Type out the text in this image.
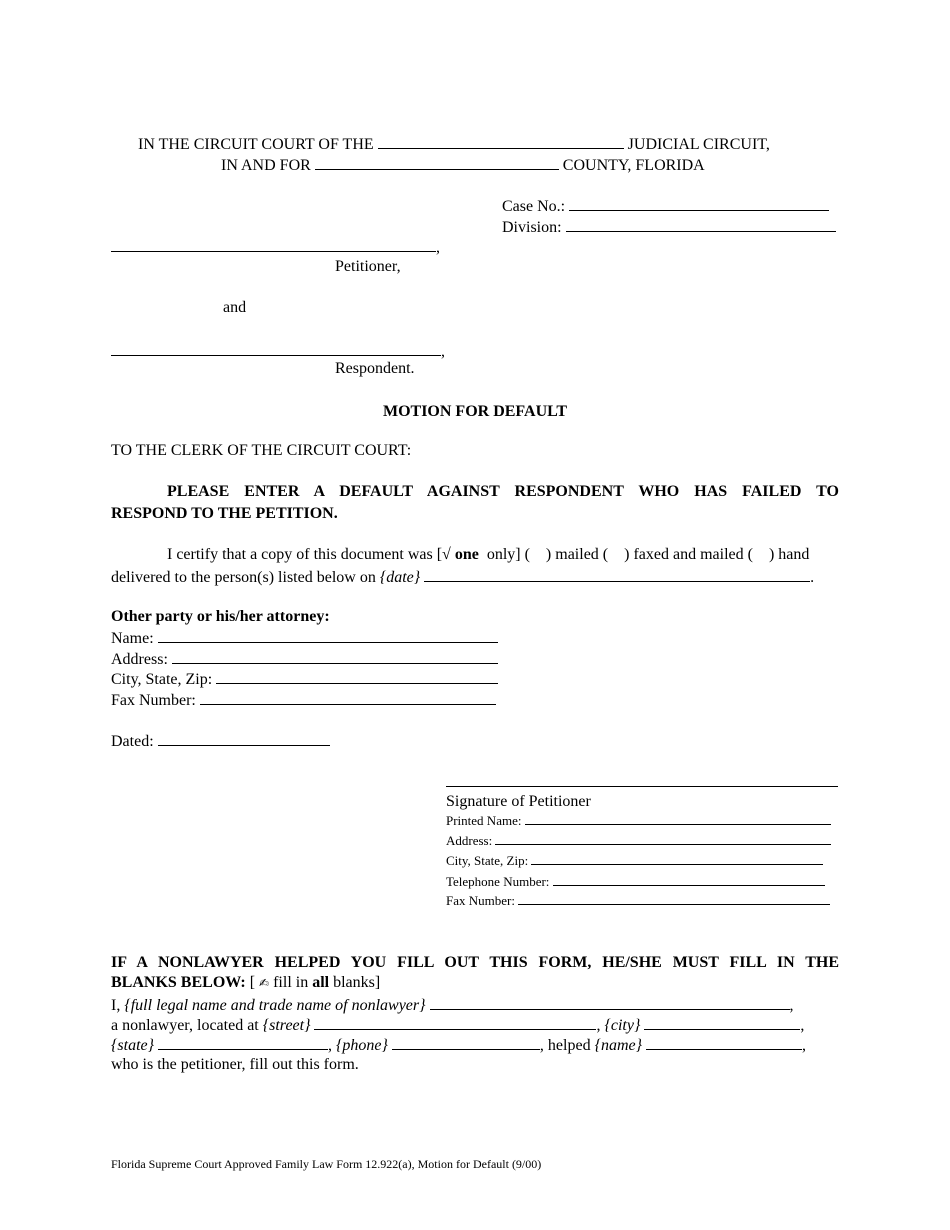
IN THE CIRCUIT COURT OF THE	JUDICIAL CIRCUIT,
IN AND FOR	COUNTY, FLORIDA
Case No.:
Division:
,
Petitioner,
and
,
Respondent.
MOTION FOR DEFAULT
TO THE CLERK OF THE CIRCUIT COURT:
PLEASE ENTER A DEFAULT AGAINST RESPONDENT WHO HAS FAILED TO
RESPOND TO THE PETITION.
I certify that a copy of this document was [√ one only] ( ) mailed ( ) faxed and mailed ( ) hand
delivered to the person(s) listed below on {date}	.
Other party or his/her attorney:
Name:
Address:
City, State, Zip:
Fax Number:
Dated:
Signature of Petitioner
Printed Name:
Address:
City, State, Zip:
Telephone Number:
Fax Number:
IF A NONLAWYER HELPED YOU FILL OUT THIS FORM, HE/SHE MUST FILL IN THE
BLANKS BELOW: [ ✍ fill in all blanks]
I, {full legal name and trade name of nonlawyer}	,
a nonlawyer, located at {street}	, {city}	,
{state}	, {phone}	, helped {name}	,
who is the petitioner, fill out this form.
Florida Supreme Court Approved Family Law Form 12.922(a), Motion for Default (9/00)
